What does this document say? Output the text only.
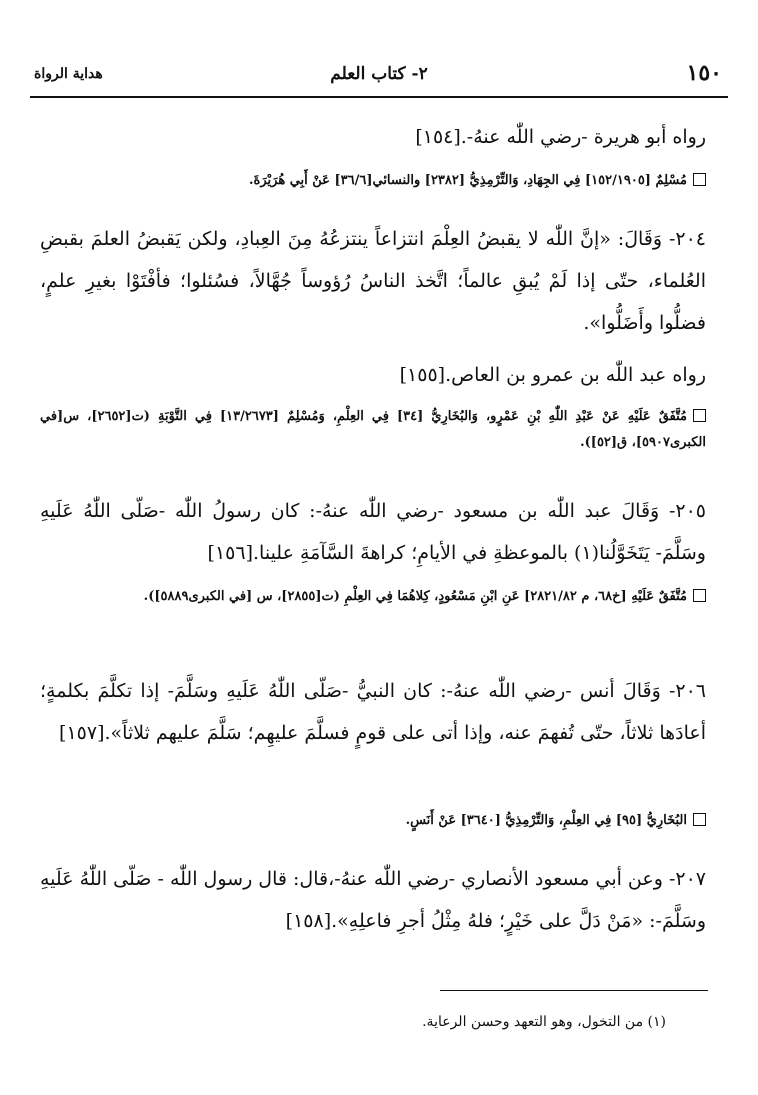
١٥٠
٢- كتاب العلم
هداية الرواة

رواه أبو هريرة -رضي اللّٰه عنهُ-.[١٥٤]

مُسْلِمٌ [١٥٢/١٩٠٥] فِي الجِهَادِ، وَالتِّرْمِذِيُّ [٢٣٨٢] والنسائي[٣٦/٦] عَنْ أَبِي هُرَيْرَةَ.

٢٠٤- وَقَالَ: «إنَّ اللّٰه لا يقبضُ العِلْمَ انتزاعاً ينتزعُهُ مِنَ العِبادِ، ولكن يَقبضُ العلمَ بقبضِ العُلماء، حتّى إذا لَمْ يُبقِ عالماً؛ اتَّخذ الناسُ رُؤوساً جُهَّالاً، فسُئلوا؛ فأفْتَوْا بغيرِ علمٍ، فضلُّوا وأَضَلُّوا».

رواه عبد اللّٰه بن عمرو بن العاص.[١٥٥]

مُتَّفَقٌ عَلَيْهِ عَنْ عَبْدِ اللّٰهِ بْنِ عَمْرٍو، وَالبُخَارِيُّ [٣٤] فِي العِلْمِ، وَمُسْلِمٌ [١٣/٢٦٧٣] فِي التَّوْبَةِ (ت[٢٦٥٢]، س[في الكبرى٥٩٠٧]، ق[٥٢]).

٢٠٥- وَقَالَ عبد اللّٰه بن مسعود -رضي اللّٰه عنهُ-: كان رسولُ اللّٰه -صَلّى اللّٰهُ عَلَيهِ وسَلَّمَ- يَتَخَوَّلُنا(١) بالموعظةِ في الأيامِ؛ كراهةَ السَّآمَةِ علينا.[١٥٦]

مُتَّفَقٌ عَلَيْهِ [خ٦٨، م ٢٨٢١/٨٢] عَنِ ابْنِ مَسْعُودٍ، كِلاهُمَا فِي العِلْمِ (ت[٢٨٥٥]، س [في الكبرى٥٨٨٩]).

٢٠٦- وَقَالَ أنس -رضي اللّٰه عنهُ-: كان النبيُّ -صَلّى اللّٰهُ عَلَيهِ وسَلَّمَ- إذا تكلَّمَ بكلمةٍ؛ أعادَها ثلاثاً، حتّى تُفهمَ عنه، وإذا أتى على قومٍ فسلَّمَ عليهِم؛ سَلَّمَ عليهم ثلاثاً».[١٥٧]

البُخَارِيُّ [٩٥] فِي العِلْمِ، وَالتِّرْمِذِيُّ [٣٦٤٠] عَنْ أَنَسٍ.

٢٠٧- وعن أبي مسعود الأنصاري -رضي اللّٰه عنهُ-،قال: قال رسول اللّٰه - صَلّى اللّٰهُ عَلَيهِ وسَلَّمَ-: «مَنْ دَلَّ على خَيْرٍ؛ فلهُ مِثْلُ أجرِ فاعلِهِ».[١٥٨]

(١) من التخول، وهو التعهد وحسن الرعاية.
